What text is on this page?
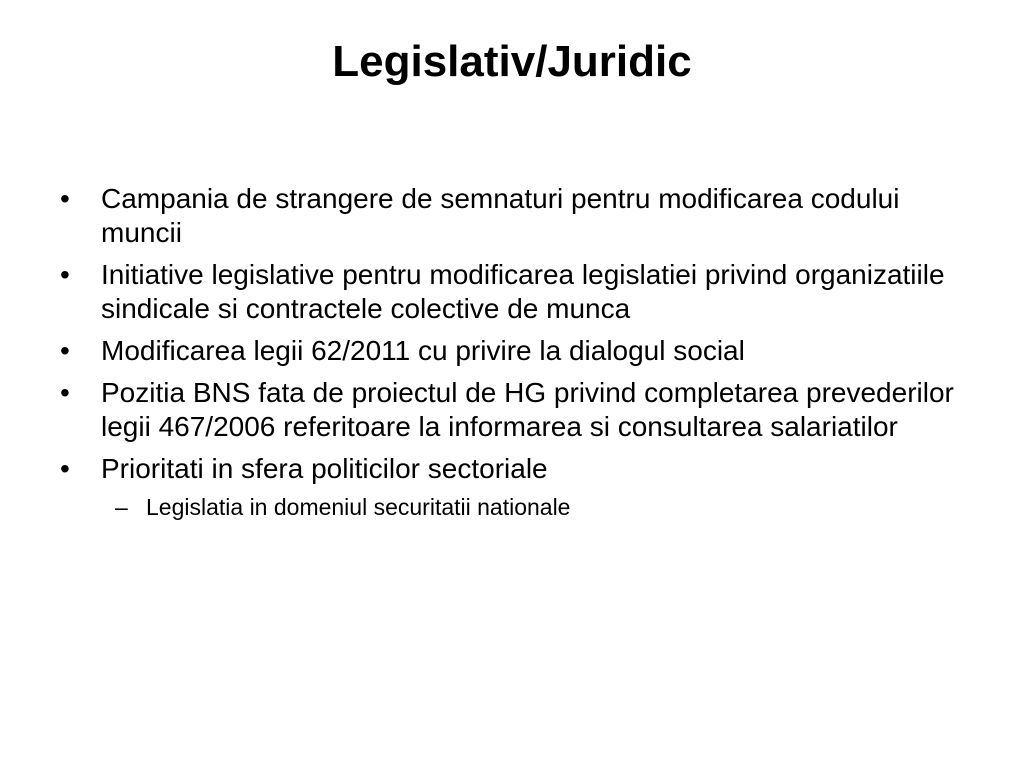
Legislativ/Juridic
•	Campania de strangere de semnaturi pentru modificarea codului muncii
•	Initiative legislative pentru modificarea legislatiei privind organizatiile sindicale si contractele colective de munca
•	Modificarea legii 62/2011 cu privire la dialogul social
•	Pozitia BNS fata de proiectul de HG privind completarea prevederilor legii 467/2006 referitoare la informarea si consultarea salariatilor
•	Prioritati in sfera politicilor sectoriale
– Legislatia in domeniul securitatii nationale
